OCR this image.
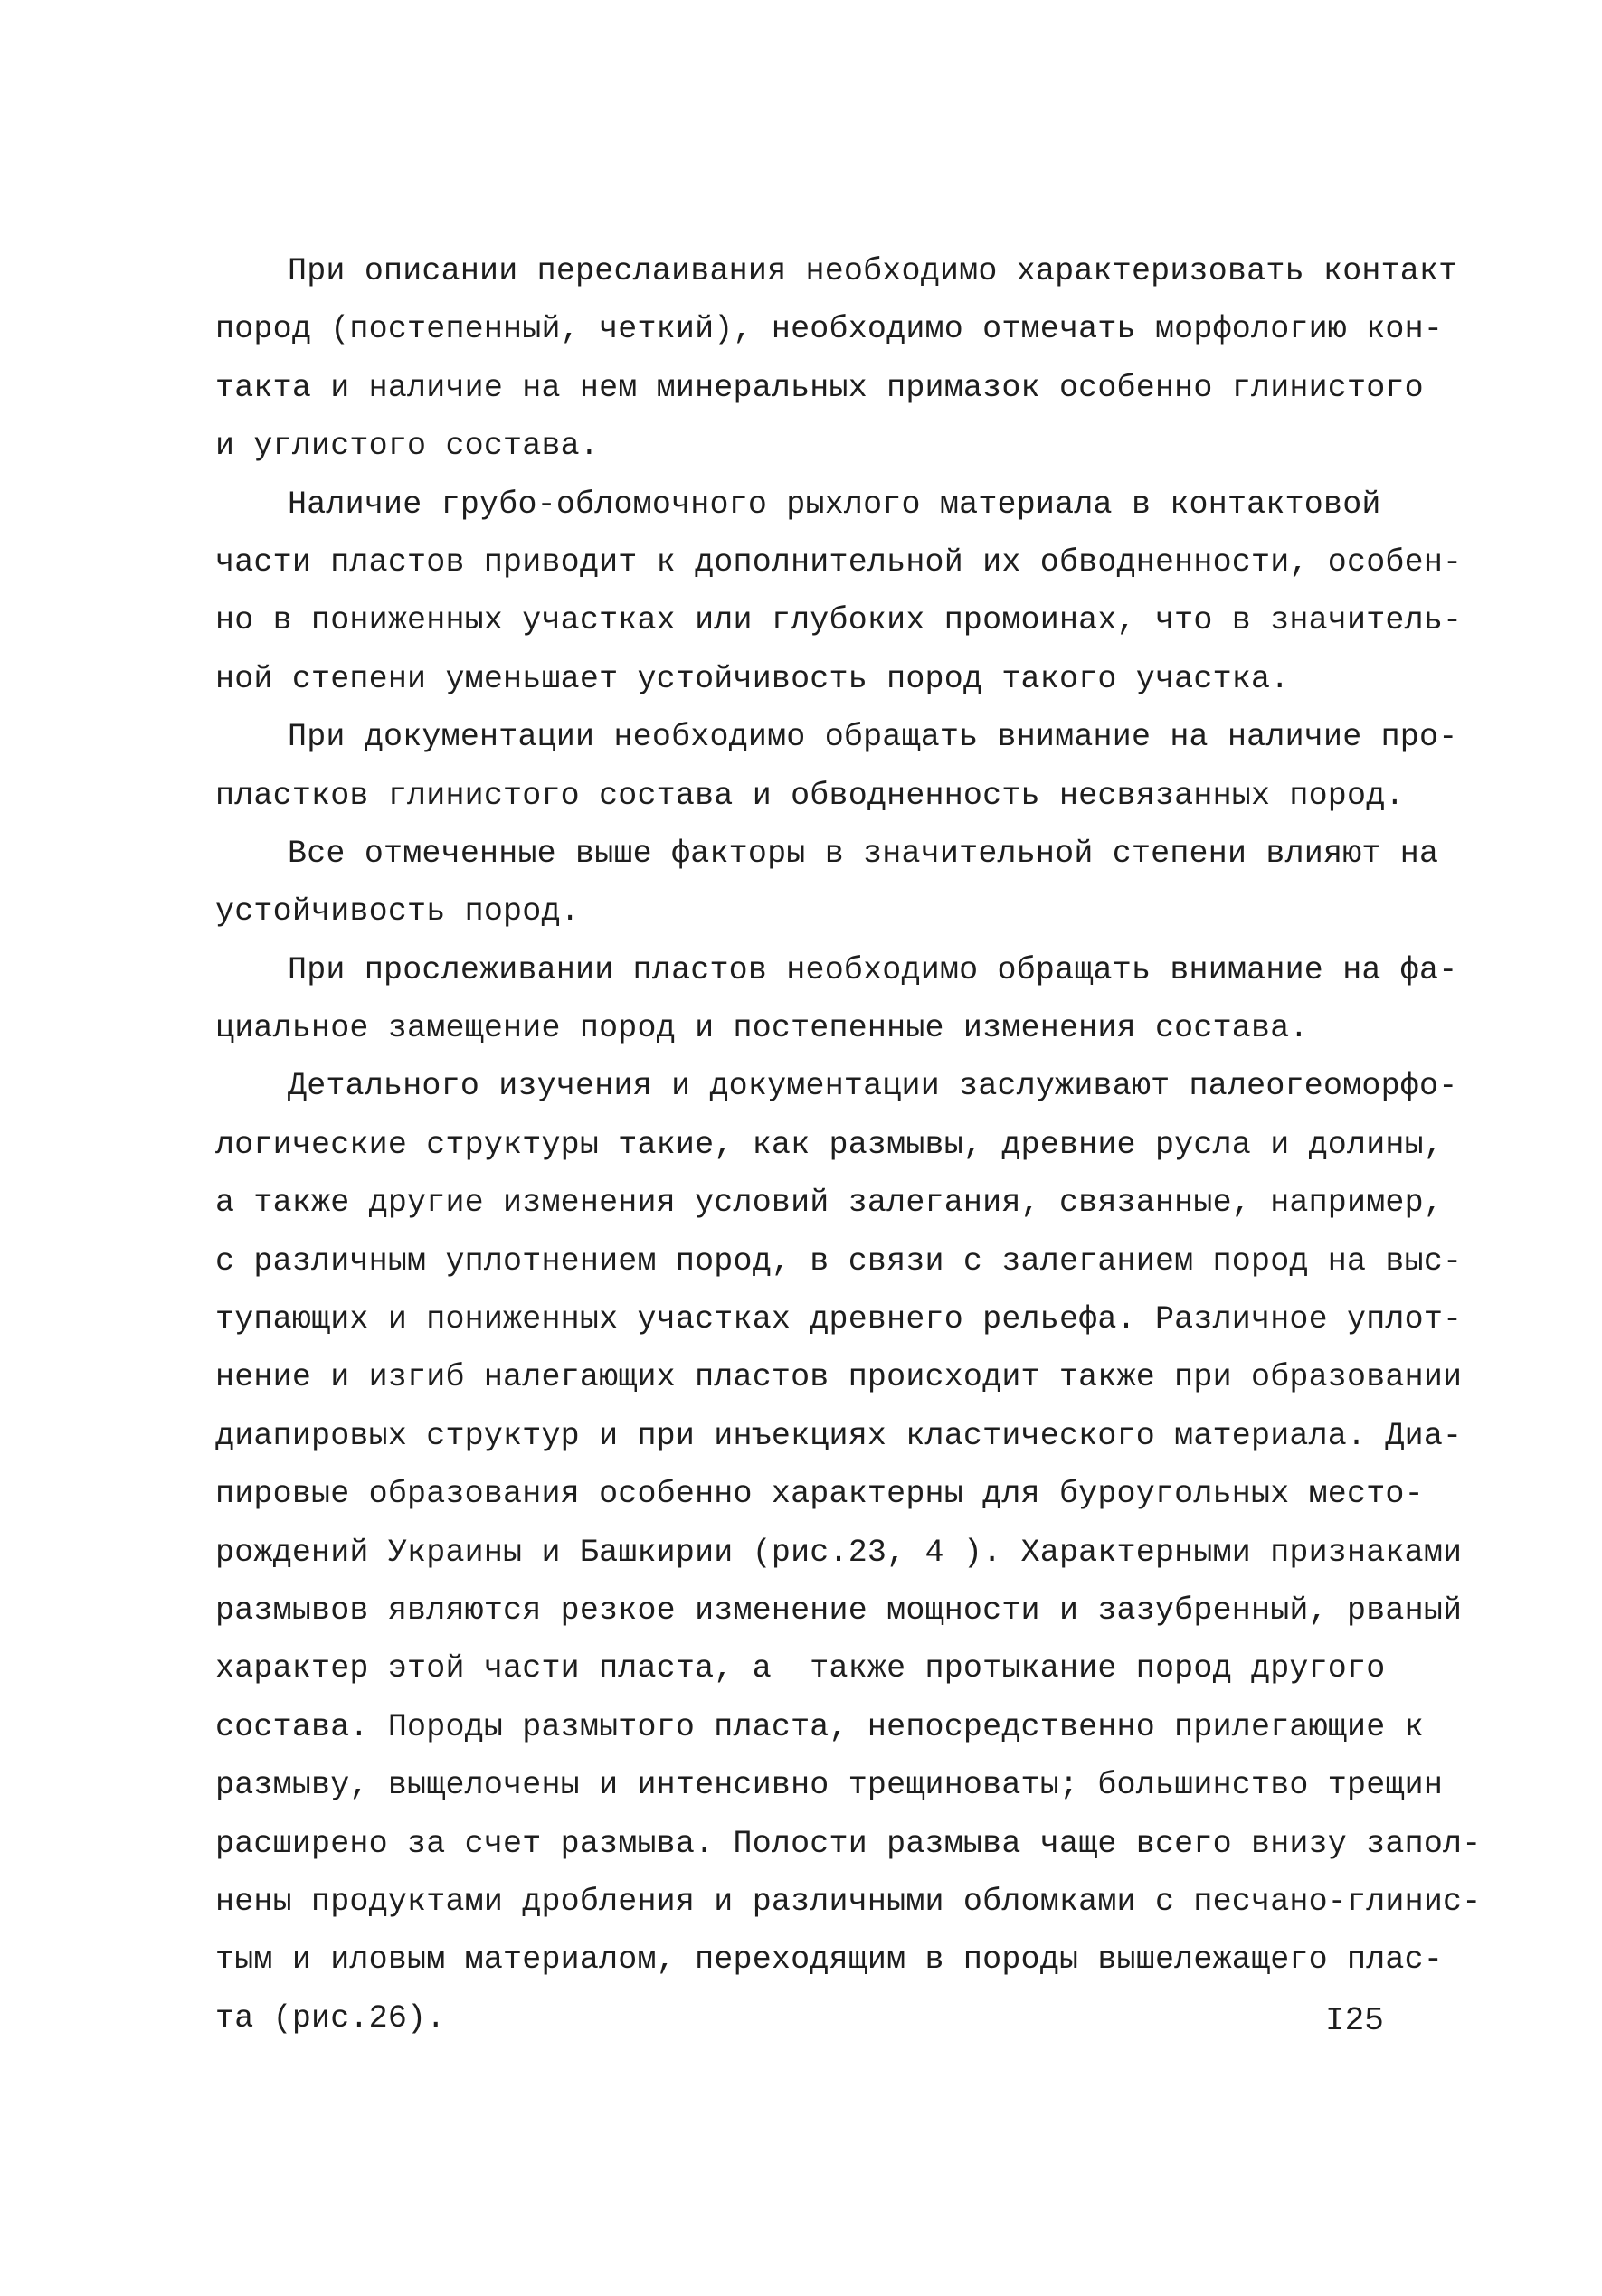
При описании переслаивания необходимо характеризовать контакт
пород (постепенный, четкий), необходимо отмечать морфологию кон-
такта и наличие на нем минеральных примазок особенно глинистого
и углистого состава.
Наличие грубо-обломочного рыхлого материала в контактовой
части пластов приводит к дополнительной их обводненности, особен-
но в пониженных участках или глубоких промоинах, что в значитель-
ной степени уменьшает устойчивость пород такого участка.
При документации необходимо обращать внимание на наличие про-
пластков глинистого состава и обводненность несвязанных пород.
Все отмеченные выше факторы в значительной степени влияют на
устойчивость пород.
При прослеживании пластов необходимо обращать внимание на фа-
циальное замещение пород и постепенные изменения состава.
Детального изучения и документации заслуживают палеогеоморфо-
логические структуры такие, как размывы, древние русла и долины,
а также другие изменения условий залегания, связанные, например,
с различным уплотнением пород, в связи с залеганием пород на выс-
тупающих и пониженных участках древнего рельефа. Различное уплот-
нение и изгиб налегающих пластов происходит также при образовании
диапировых структур и при инъекциях кластического материала. Диа-
пировые образования особенно характерны для буроугольных место-
рождений Украины и Башкирии (рис.23, 4 ). Характерными признаками
размывов являются резкое изменение мощности и зазубренный, рваный
характер этой части пласта, а  также протыкание пород другого
состава. Породы размытого пласта, непосредственно прилегающие к
размыву, выщелочены и интенсивно трещиноваты; большинство трещин
расширено за счет размыва. Полости размыва чаще всего внизу запол-
нены продуктами дробления и различными обломками с песчано-глинис-
тым и иловым материалом, переходящим в породы вышележащего плас-
та (рис.26).	I25
